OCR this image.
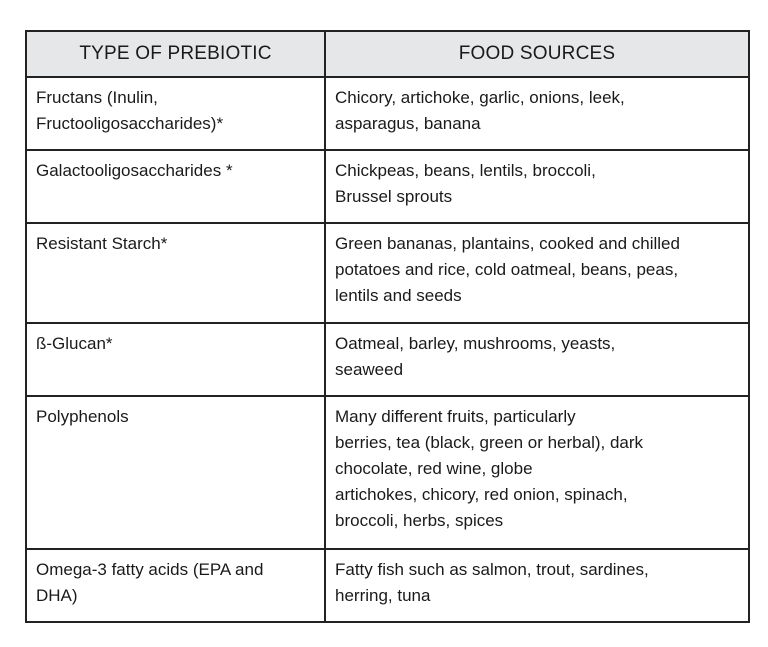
TYPE OF PREBIOTIC	FOOD SOURCES

Fructans (Inulin,
Fructooligosaccharides)*	Chicory, artichoke, garlic, onions, leek,
asparagus, banana

Galactooligosaccharides *	Chickpeas, beans, lentils, broccoli,
Brussel sprouts

Resistant Starch*	Green bananas, plantains, cooked and chilled
potatoes and rice, cold oatmeal, beans, peas,
lentils and seeds

ß-Glucan*	Oatmeal, barley, mushrooms, yeasts,
seaweed

Polyphenols	Many different fruits, particularly
berries, tea (black, green or herbal), dark
chocolate, red wine, globe
artichokes, chicory, red onion, spinach,
broccoli, herbs, spices

Omega-3 fatty acids (EPA and
DHA)	Fatty fish such as salmon, trout, sardines,
herring, tuna
